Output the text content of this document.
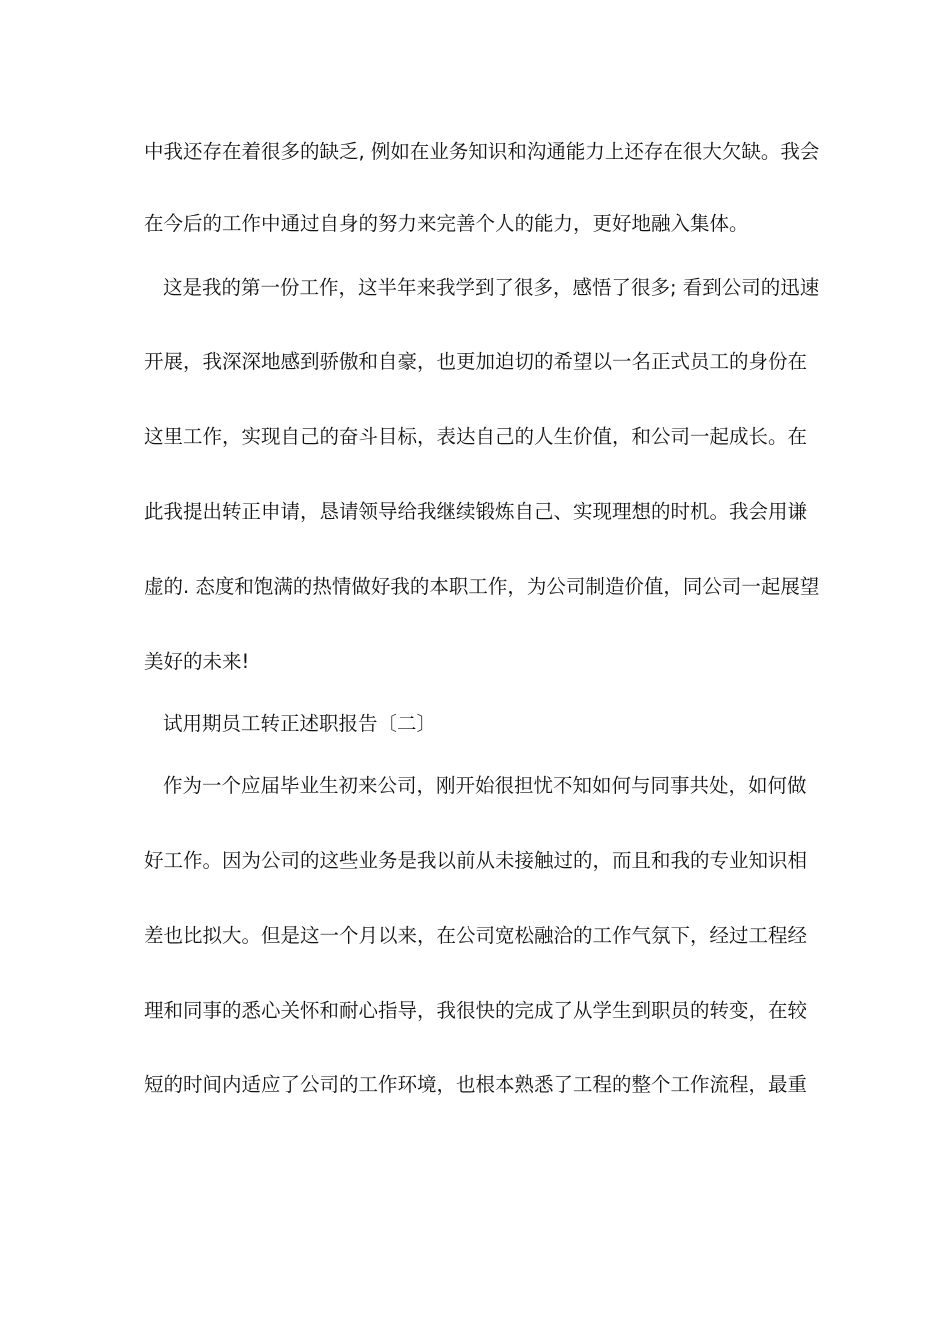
中我还存在着很多的缺乏, 例如在业务知识和沟通能力上还存在很大欠缺。我会
在今后的工作中通过自身的努力来完善个人的能力，更好地融入集体。
这是我的第一份工作，这半年来我学到了很多，感悟了很多; 看到公司的迅速
开展，我深深地感到骄傲和自豪，也更加迫切的希望以一名正式员工的身份在
这里工作，实现自己的奋斗目标，表达自己的人生价值，和公司一起成长。在
此我提出转正申请，恳请领导给我继续锻炼自己、实现理想的时机。我会用谦
虚的. 态度和饱满的热情做好我的本职工作，为公司制造价值，同公司一起展望
美好的未来!
试用期员工转正述职报告〔二〕
作为一个应届毕业生初来公司，刚开始很担忧不知如何与同事共处，如何做
好工作。因为公司的这些业务是我以前从未接触过的，而且和我的专业知识相
差也比拟大。但是这一个月以来，在公司宽松融洽的工作气氛下，经过工程经
理和同事的悉心关怀和耐心指导，我很快的完成了从学生到职员的转变，在较
短的时间内适应了公司的工作环境，也根本熟悉了工程的整个工作流程，最重
